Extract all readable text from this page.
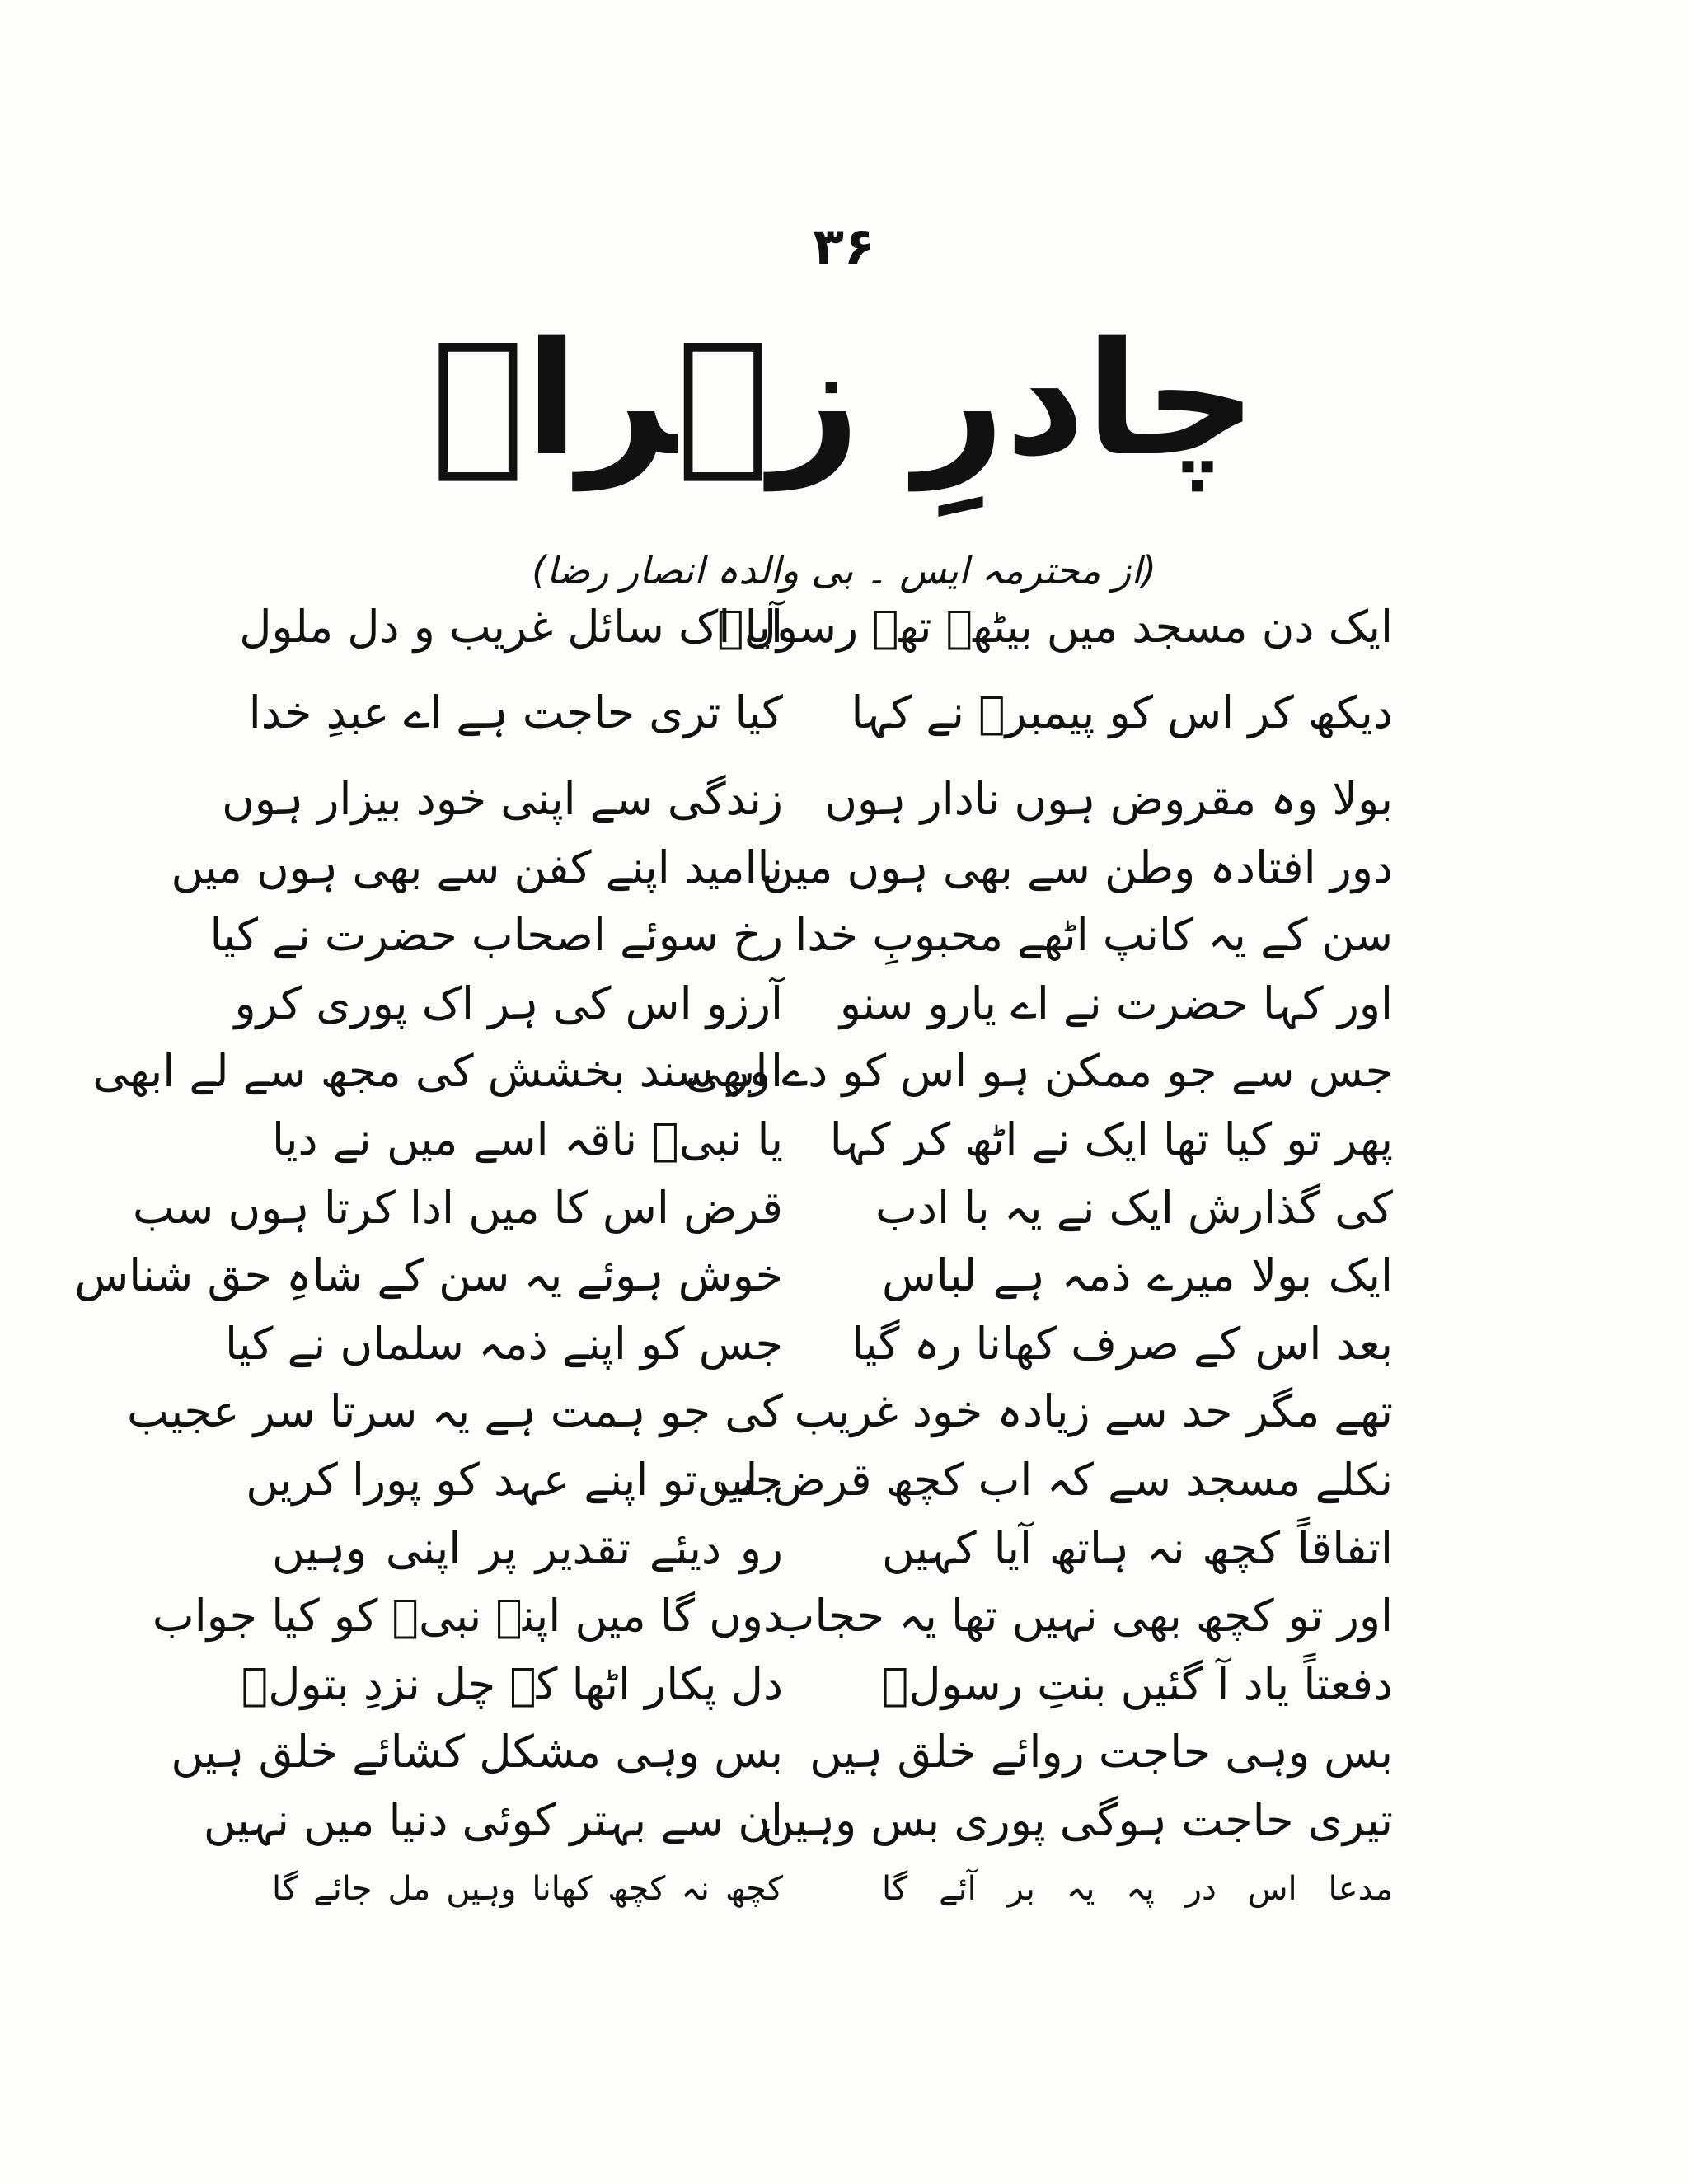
۳۶
چادرِ زہراؑ
(از محترمہ ایس ۔ بی والدہ انصار رضا)
ایک دن مسجد میں بیٹھے تھے رسولؐ
آیا اک سائل غریب و دل ملول
دیکھ کر اس کو پیمبرؐ نے کہا
کیا تری حاجت ہے اے عبدِ خدا
بولا وہ مقروض ہوں نادار ہوں
زندگی سے اپنی خود بیزار ہوں
دور افتادہ وطن سے بھی ہوں میں
ناامید اپنے کفن سے بھی ہوں میں
سن کے یہ کانپ اٹھے محبوبِ خدا
رخ سوئے اصحاب حضرت نے کیا
اور کہا حضرت نے اے یارو سنو
آرزو اس کی ہر اک پوری کرو
جس سے جو ممکن ہو اس کو دے ابھی
اور سند بخشش کی مجھ سے لے ابھی
پھر تو کیا تھا ایک نے اٹھ کر کہا
یا نبیؐ ناقہ اسے میں نے دیا
کی گذارش ایک نے یہ با ادب
قرض اس کا میں ادا کرتا ہوں سب
ایک بولا میرے ذمہ ہے لباس
خوش ہوئے یہ سن کے شاہِ حق شناس
بعد اس کے صرف کھانا رہ گیا
جس کو اپنے ذمہ سلماں نے کیا
تھے مگر حد سے زیادہ خود غریب
کی جو ہمت ہے یہ سرتا سر عجیب
نکلے مسجد سے کہ اب کچھ قرض لیں
جب تو اپنے عہد کو پورا کریں
اتفاقاً کچھ نہ ہاتھ آیا کہیں
رو دیئے تقدیر پر اپنی وہیں
اور تو کچھ بھی نہیں تھا یہ حجاب
دوں گا میں اپنے نبیؐ کو کیا جواب
دفعتاً یاد آ گئیں بنتِ رسولؐ
دل پکار اٹھا کہ چل نزدِ بتولؑ
بس وہی حاجت روائے خلق ہیں
بس وہی مشکل کشائے خلق ہیں
تیری حاجت ہوگی پوری بس وہیں
ان سے بہتر کوئی دنیا میں نہیں
مدعا اس در پہ یہ بر آئے گا
کچھ نہ کچھ کھانا وہیں مل جائے گا
